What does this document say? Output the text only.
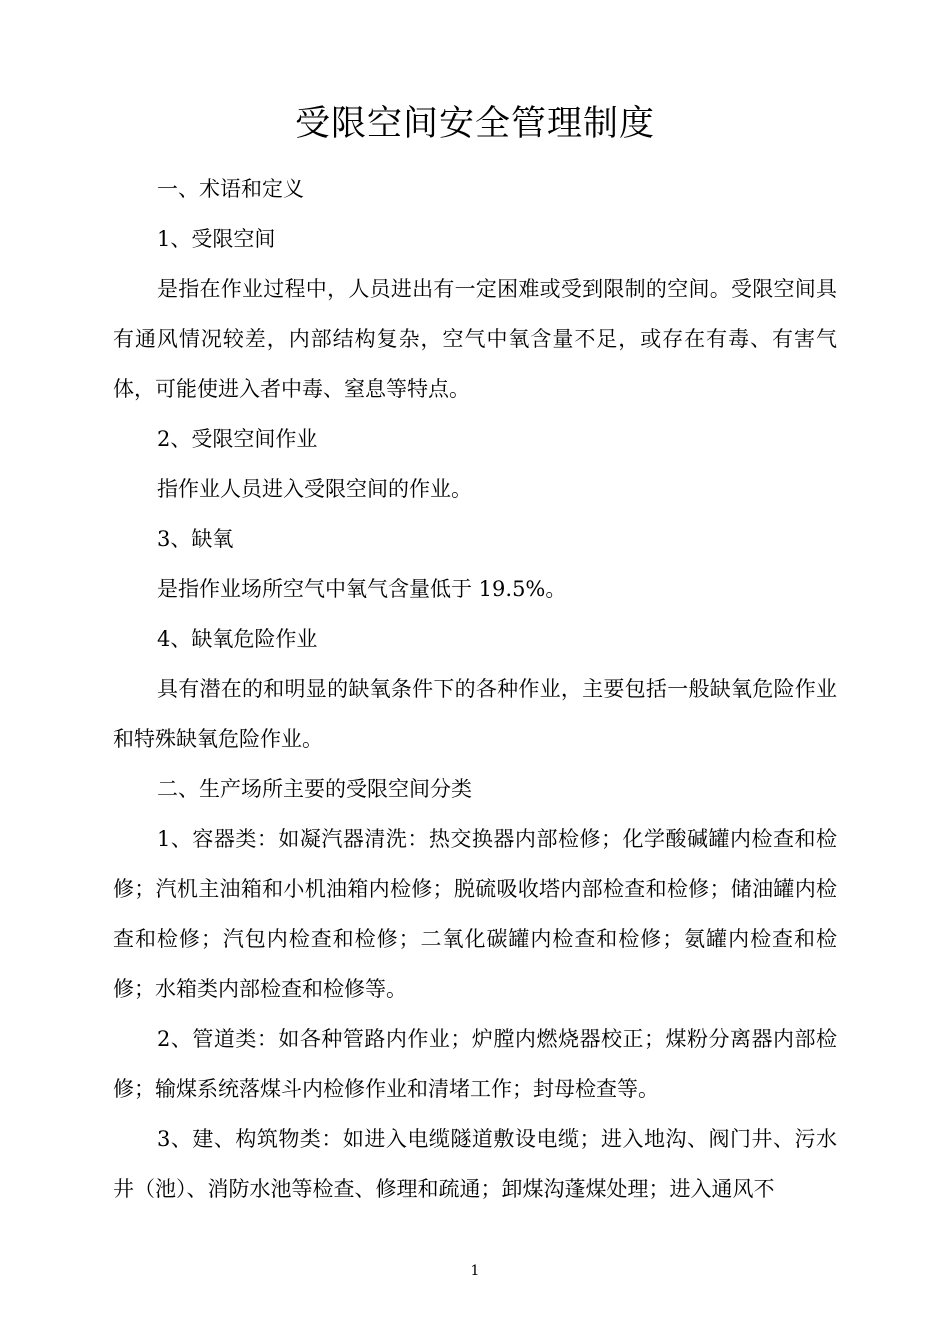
受限空间安全管理制度

一、术语和定义

1、受限空间

是指在作业过程中，人员进出有一定困难或受到限制的空间。受限空间具有通风情况较差，内部结构复杂，空气中氧含量不足，或存在有毒、有害气体，可能使进入者中毒、窒息等特点。

2、受限空间作业

指作业人员进入受限空间的作业。

3、缺氧

是指作业场所空气中氧气含量低于 19.5%。

4、缺氧危险作业

具有潜在的和明显的缺氧条件下的各种作业，主要包括一般缺氧危险作业和特殊缺氧危险作业。

二、生产场所主要的受限空间分类

1、容器类：如凝汽器清洗：热交换器内部检修；化学酸碱罐内检查和检修；汽机主油箱和小机油箱内检修；脱硫吸收塔内部检查和检修；储油罐内检查和检修；汽包内检查和检修；二氧化碳罐内检查和检修；氨罐内检查和检修；水箱类内部检查和检修等。

2、管道类：如各种管路内作业；炉膛内燃烧器校正；煤粉分离器内部检修；输煤系统落煤斗内检修作业和清堵工作；封母检查等。

3、建、构筑物类：如进入电缆隧道敷设电缆；进入地沟、阀门井、污水井（池）、消防水池等检查、修理和疏通；卸煤沟蓬煤处理；进入通风不

1
